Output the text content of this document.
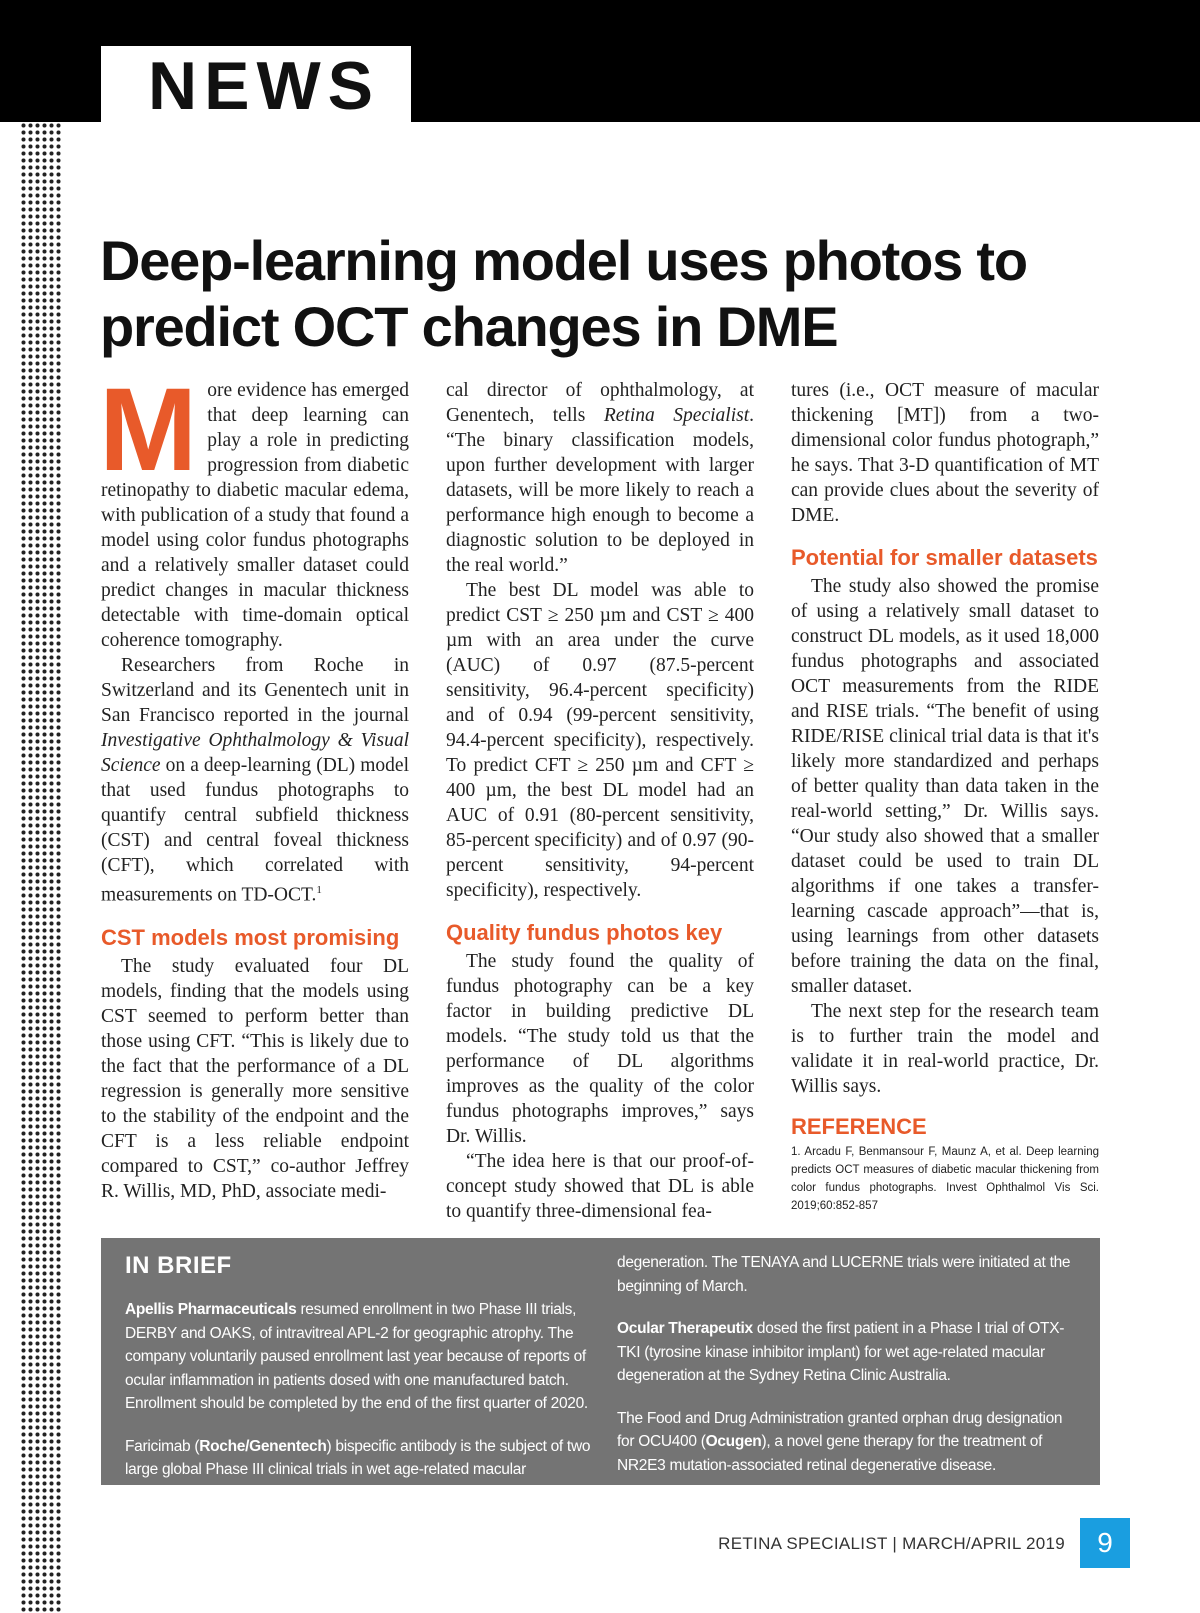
NEWS
Deep-learning model uses photos to predict OCT changes in DME

More evidence has emerged that deep learning can play a role in predicting progression from diabetic retinopathy to diabetic macular edema, with publication of a study that found a model using color fundus photographs and a relatively smaller dataset could predict changes in macular thickness detectable with time-domain optical coherence tomography.

Researchers from Roche in Switzerland and its Genentech unit in San Francisco reported in the journal Investigative Ophthalmology & Visual Science on a deep-learning (DL) model that used fundus photographs to quantify central subfield thickness (CST) and central foveal thickness (CFT), which correlated with measurements on TD-OCT.$^1$

CST models most promising

The study evaluated four DL models, finding that the models using CST seemed to perform better than those using CFT. “This is likely due to the fact that the performance of a DL regression is generally more sensitive to the stability of the endpoint and the CFT is a less reliable endpoint compared to CST,” co-author Jeffrey R. Willis, MD, PhD, associate medi-

cal director of ophthalmology, at Genentech, tells Retina Specialist. “The binary classification models, upon further development with larger datasets, will be more likely to reach a performance high enough to become a diagnostic solution to be deployed in the real world.”

The best DL model was able to predict CST ≥ 250 µm and CST ≥ 400 µm with an area under the curve (AUC) of 0.97 (87.5-percent sensitivity, 96.4-percent specificity) and of 0.94 (99-percent sensitivity, 94.4-percent specificity), respectively. To predict CFT ≥ 250 µm and CFT ≥ 400 µm, the best DL model had an AUC of 0.91 (80-percent sensitivity, 85-percent specificity) and of 0.97 (90-percent sensitivity, 94-percent specificity), respectively.

Quality fundus photos key

The study found the quality of fundus photography can be a key factor in building predictive DL models. “The study told us that the performance of DL algorithms improves as the quality of the color fundus photographs improves,” says Dr. Willis.

“The idea here is that our proof-of-concept study showed that DL is able to quantify three-dimensional fea-

tures (i.e., OCT measure of macular thickening [MT]) from a two-dimensional color fundus photograph,” he says. That 3-D quantification of MT can provide clues about the severity of DME.

Potential for smaller datasets

The study also showed the promise of using a relatively small dataset to construct DL models, as it used 18,000 fundus photographs and associated OCT measurements from the RIDE and RISE trials. “The benefit of using RIDE/RISE clinical trial data is that it's likely more standardized and perhaps of better quality than data taken in the real-world setting,” Dr. Willis says. “Our study also showed that a smaller dataset could be used to train DL algorithms if one takes a transfer-learning cascade approach”—that is, using learnings from other datasets before training the data on the final, smaller dataset.

The next step for the research team is to further train the model and validate it in real-world practice, Dr. Willis says.

REFERENCE

1. Arcadu F, Benmansour F, Maunz A, et al. Deep learning predicts OCT measures of diabetic macular thickening from color fundus photographs. Invest Ophthalmol Vis Sci. 2019;60:852-857

IN BRIEF

Apellis Pharmaceuticals resumed enrollment in two Phase III trials, DERBY and OAKS, of intravitreal APL-2 for geographic atrophy. The company voluntarily paused enrollment last year because of reports of ocular inflammation in patients dosed with one manufactured batch. Enrollment should be completed by the end of the first quarter of 2020.

Faricimab (Roche/Genentech) bispecific antibody is the subject of two large global Phase III clinical trials in wet age-related macular

degeneration. The TENAYA and LUCERNE trials were initiated at the beginning of March.

Ocular Therapeutix dosed the first patient in a Phase I trial of OTX-TKI (tyrosine kinase inhibitor implant) for wet age-related macular degeneration at the Sydney Retina Clinic Australia.

The Food and Drug Administration granted orphan drug designation for OCU400 (Ocugen), a novel gene therapy for the treatment of NR2E3 mutation-associated retinal degenerative disease.

RETINA SPECIALIST | MARCH/APRIL 2019	9
